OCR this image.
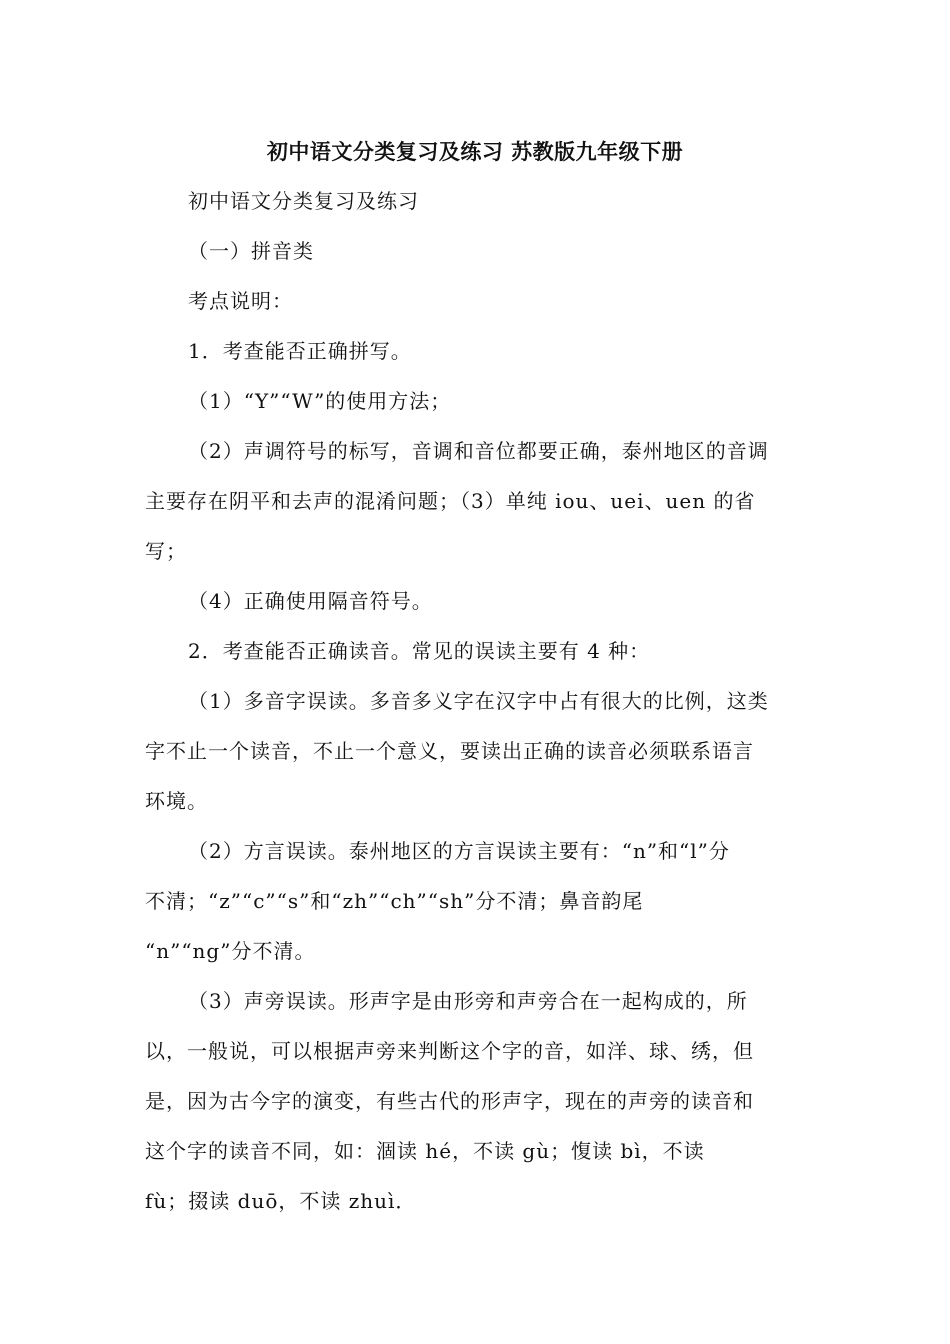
初中语文分类复习及练习 苏教版九年级下册
初中语文分类复习及练习
（一）拼音类
考点说明：
1．考查能否正确拼写。
（1）“Y”“W”的使用方法；
（2）声调符号的标写，音调和音位都要正确，泰州地区的音调
主要存在阴平和去声的混淆问题；（3）单纯 iou、uei、uen 的省
写；
（4）正确使用隔音符号。
2．考查能否正确读音。常见的误读主要有 4 种：
（1）多音字误读。多音多义字在汉字中占有很大的比例，这类
字不止一个读音，不止一个意义，要读出正确的读音必须联系语言
环境。
（2）方言误读。泰州地区的方言误读主要有：“n”和“l”分
不清；“z”“c”“s”和“zh”“ch”“sh”分不清；鼻音韵尾
“n”“ng”分不清。
（3）声旁误读。形声字是由形旁和声旁合在一起构成的，所
以，一般说，可以根据声旁来判断这个字的音，如洋、球、绣，但
是，因为古今字的演变，有些古代的形声字，现在的声旁的读音和
这个字的读音不同，如：涸读 hé，不读 gù；愎读 bì，不读
fù；掇读 duō，不读 zhuì．
